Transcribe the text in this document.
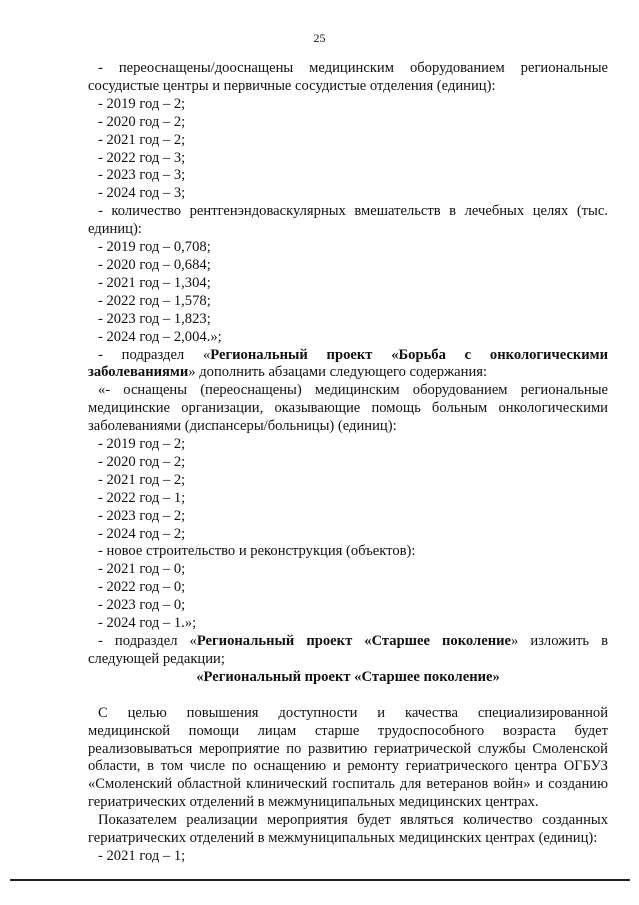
25

- переоснащены/дооснащены медицинским оборудованием региональные

сосудистые центры и первичные сосудистые отделения (единиц):

- 2019 год – 2;

- 2020 год – 2;

- 2021 год – 2;

- 2022 год – 3;

- 2023 год – 3;

- 2024 год – 3;

- количество рентгенэндоваскулярных вмешательств в лечебных целях (тыс.

единиц):

- 2019 год – 0,708;

- 2020 год – 0,684;

- 2021 год – 1,304;

- 2022 год – 1,578;

- 2023 год – 1,823;

- 2024 год – 2,004.»;

- подраздел «Региональный проект «Борьба с онкологическими

заболеваниями» дополнить абзацами следующего содержания:

«- оснащены (переоснащены) медицинским оборудованием региональные

медицинские организации, оказывающие помощь больным онкологическими

заболеваниями (диспансеры/больницы) (единиц):

- 2019 год – 2;

- 2020 год – 2;

- 2021 год – 2;

- 2022 год – 1;

- 2023 год – 2;

- 2024 год – 2;

- новое строительство и реконструкция (объектов):

- 2021 год – 0;

- 2022 год – 0;

- 2023 год – 0;

- 2024 год – 1.»;

- подраздел «Региональный проект «Старшее поколение» изложить в

следующей редакции;

«Региональный проект «Старшее поколение»

С целью повышения доступности и качества специализированной

медицинской помощи лицам старше трудоспособного возраста будет

реализовываться мероприятие по развитию гериатрической службы Смоленской

области, в том числе по оснащению и ремонту гериатрического центра ОГБУЗ

«Смоленский областной клинический госпиталь для ветеранов войн» и созданию

гериатрических отделений в межмуниципальных медицинских центрах.

Показателем реализации мероприятия будет являться количество созданных

гериатрических отделений в межмуниципальных медицинских центрах (единиц):

- 2021 год – 1;
